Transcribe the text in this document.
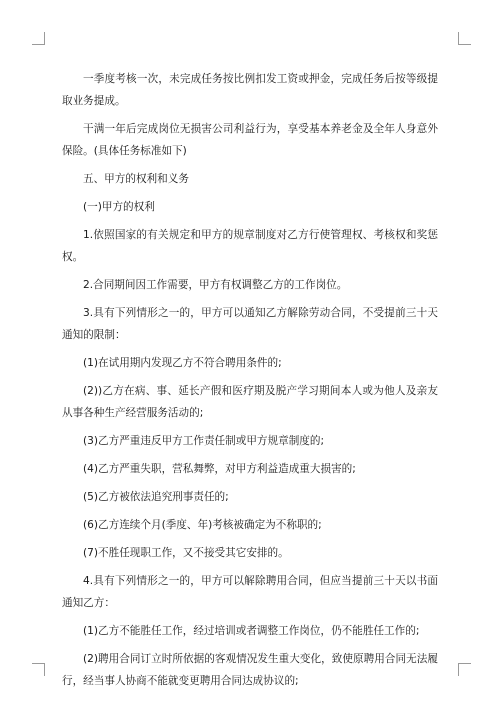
一季度考核一次，未完成任务按比例扣发工资或押金，完成任务后按等级提取业务提成。

干满一年后完成岗位无损害公司利益行为，享受基本养老金及全年人身意外保险。(具体任务标准如下)

五、甲方的权利和义务

(一)甲方的权利

1.依照国家的有关规定和甲方的规章制度对乙方行使管理权、考核权和奖惩权。

2.合同期间因工作需要，甲方有权调整乙方的工作岗位。

3.具有下列情形之一的，甲方可以通知乙方解除劳动合同，不受提前三十天通知的限制：

(1)在试用期内发现乙方不符合聘用条件的;

(2))乙方在病、事、延长产假和医疗期及脱产学习期间本人或为他人及亲友从事各种生产经营服务活动的;

(3)乙方严重违反甲方工作责任制或甲方规章制度的;

(4)乙方严重失职，营私舞弊，对甲方利益造成重大损害的;

(5)乙方被依法追究刑事责任的;

(6)乙方连续个月(季度、年)考核被确定为不称职的;

(7)不胜任现职工作，又不接受其它安排的。

4.具有下列情形之一的，甲方可以解除聘用合同，但应当提前三十天以书面通知乙方：

(1)乙方不能胜任工作，经过培训或者调整工作岗位，仍不能胜任工作的;

(2)聘用合同订立时所依据的客观情况发生重大变化，致使原聘用合同无法履行，经当事人协商不能就变更聘用合同达成协议的;
